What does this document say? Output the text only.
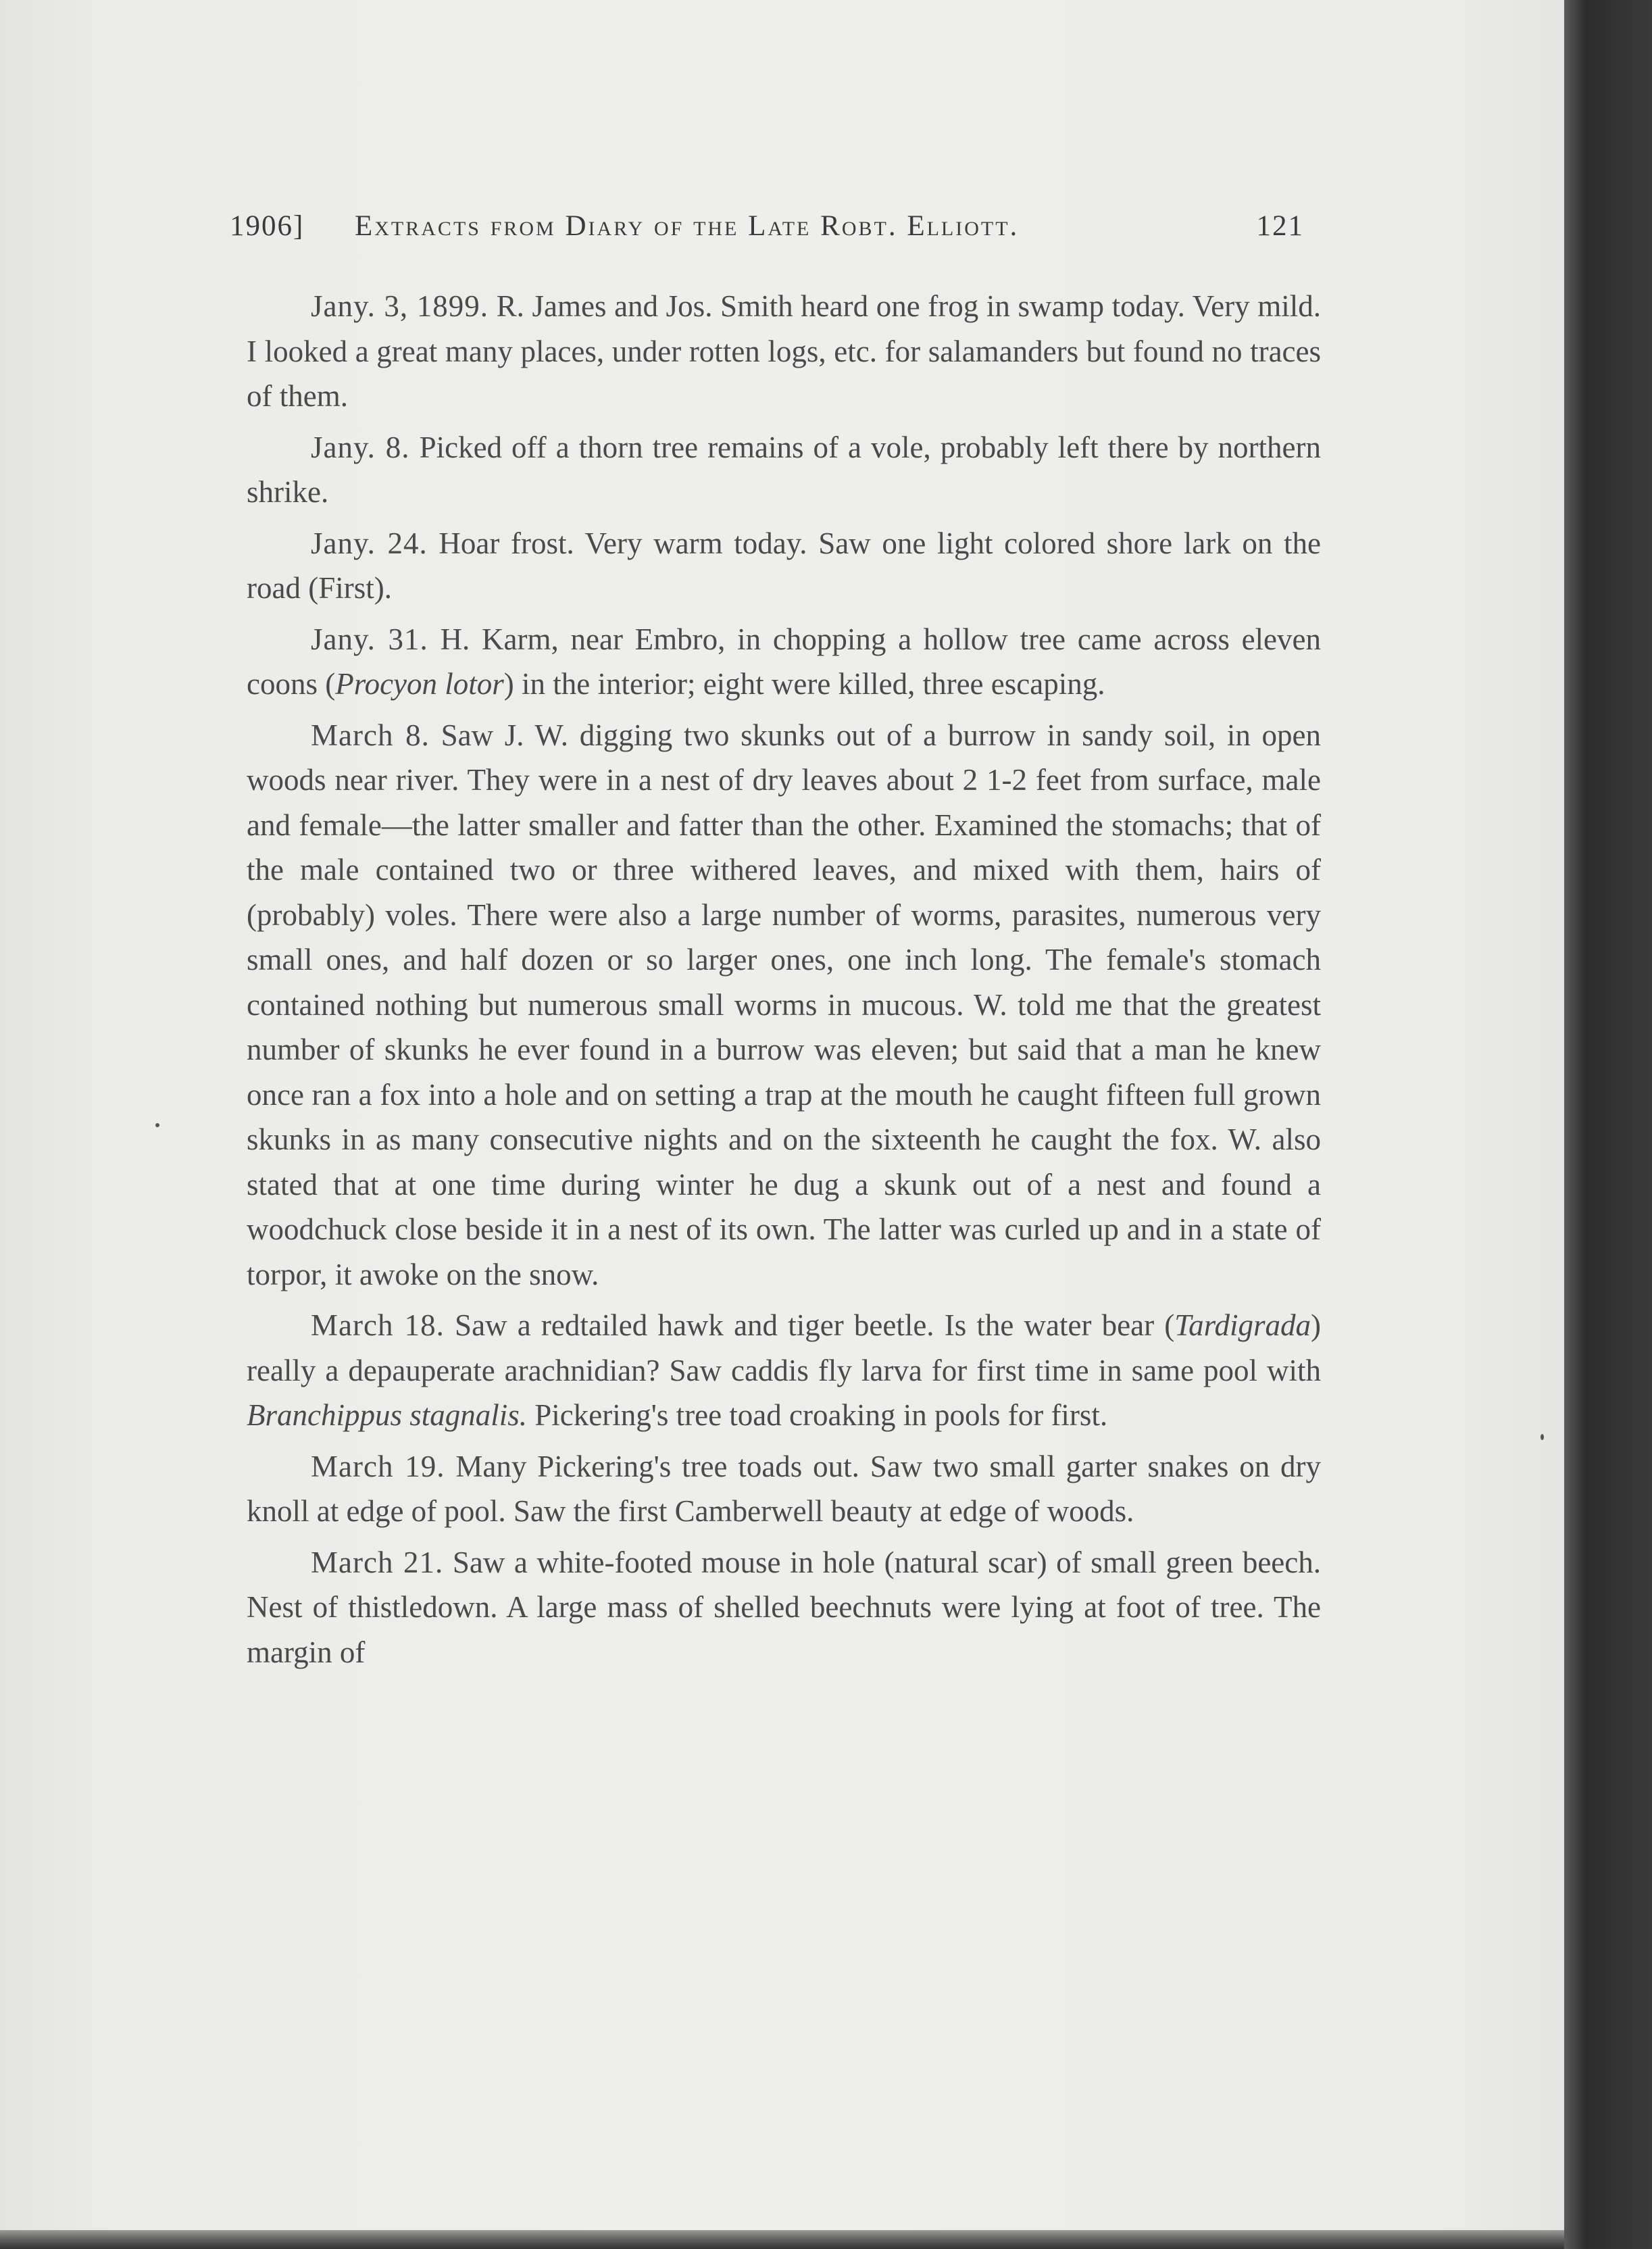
1906] Extracts from Diary of the Late Robt. Elliott.	121

Jany. 3, 1899. R. James and Jos. Smith heard one frog in swamp today. Very mild. I looked a great many places, under rotten logs, etc. for salamanders but found no traces of them.

Jany. 8. Picked off a thorn tree remains of a vole, probably left there by northern shrike.

Jany. 24. Hoar frost. Very warm today. Saw one light colored shore lark on the road (First).

Jany. 31. H. Karm, near Embro, in chopping a hollow tree came across eleven coons (Procyon lotor) in the interior; eight were killed, three escaping.

March 8. Saw J. W. digging two skunks out of a burrow in sandy soil, in open woods near river. They were in a nest of dry leaves about 2 1-2 feet from surface, male and female—the latter smaller and fatter than the other. Examined the stomachs; that of the male contained two or three withered leaves, and mixed with them, hairs of (probably) voles. There were also a large number of worms, parasites, numerous very small ones, and half dozen or so larger ones, one inch long. The female's stomach contained nothing but numerous small worms in mucous. W. told me that the greatest number of skunks he ever found in a burrow was eleven; but said that a man he knew once ran a fox into a hole and on setting a trap at the mouth he caught fifteen full grown skunks in as many consecutive nights and on the sixteenth he caught the fox. W. also stated that at one time during winter he dug a skunk out of a nest and found a woodchuck close beside it in a nest of its own. The latter was curled up and in a state of torpor, it awoke on the snow.

March 18. Saw a redtailed hawk and tiger beetle. Is the water bear (Tardigrada) really a depauperate arachnidian? Saw caddis fly larva for first time in same pool with Branchippus stagnalis. Pickering's tree toad croaking in pools for first.

March 19. Many Pickering's tree toads out. Saw two small garter snakes on dry knoll at edge of pool. Saw the first Camberwell beauty at edge of woods.

March 21. Saw a white-footed mouse in hole (natural scar) of small green beech. Nest of thistledown. A large mass of shelled beechnuts were lying at foot of tree. The margin of
